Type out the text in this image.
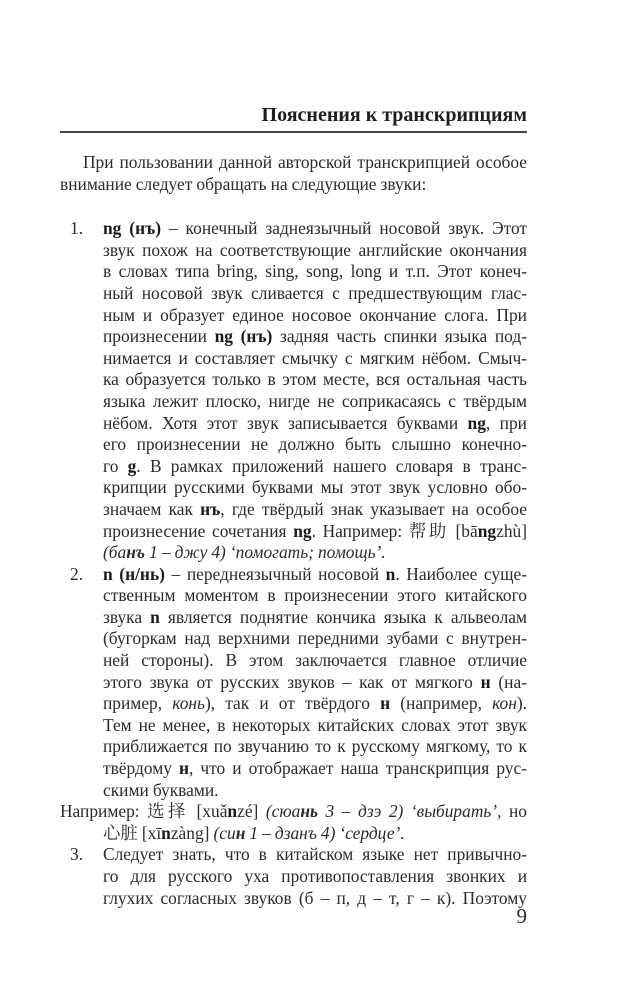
Пояснения к транскрипциям
При пользовании данной авторской транскрипцией особое
внимание следует обращать на следующие звуки:
1. ng (нъ) – конечный заднеязычный носовой звук. Этот
звук похож на соответствующие английские окончания
в словах типа bring, sing, song, long и т.п. Этот конеч-
ный носовой звук сливается с предшествующим глас-
ным и образует единое носовое окончание слога. При
произнесении ng (нъ) задняя часть спинки языка под-
нимается и составляет смычку с мягким нёбом. Смыч-
ка образуется только в этом месте, вся остальная часть
языка лежит плоско, нигде не соприкасаясь с твёрдым
нёбом. Хотя этот звук записывается буквами ng, при
его произнесении не должно быть слышно конечно-
го g. В рамках приложений нашего словаря в транс-
крипции русскими буквами мы этот звук условно обо-
значаем как нъ, где твёрдый знак указывает на особое
произнесение сочетания ng. Например: 帮助 [bāngzhù]
(банъ 1 – джу 4) ‘помогать; помощь’.
2. n (н/нь) – переднеязычный носовой n. Наиболее суще-
ственным моментом в произнесении этого китайского
звука n является поднятие кончика языка к альвеолам
(бугоркам над верхними передними зубами с внутрен-
ней стороны). В этом заключается главное отличие
этого звука от русских звуков – как от мягкого н (на-
пример, конь), так и от твёрдого н (например, кон).
Тем не менее, в некоторых китайских словах этот звук
приближается по звучанию то к русскому мягкому, то к
твёрдому н, что и отображает наша транскрипция рус-
скими буквами.
Например: 选择 [xuǎnzé] (сюань 3 – дзэ 2) ‘выбирать’, но
心脏 [xīnzàng] (син 1 – дзанъ 4) ‘сердце’.
3. Следует знать, что в китайском языке нет привычно-
го для русского уха противопоставления звонких и
глухих согласных звуков (б – п, д – т, г – к). Поэтому
9
